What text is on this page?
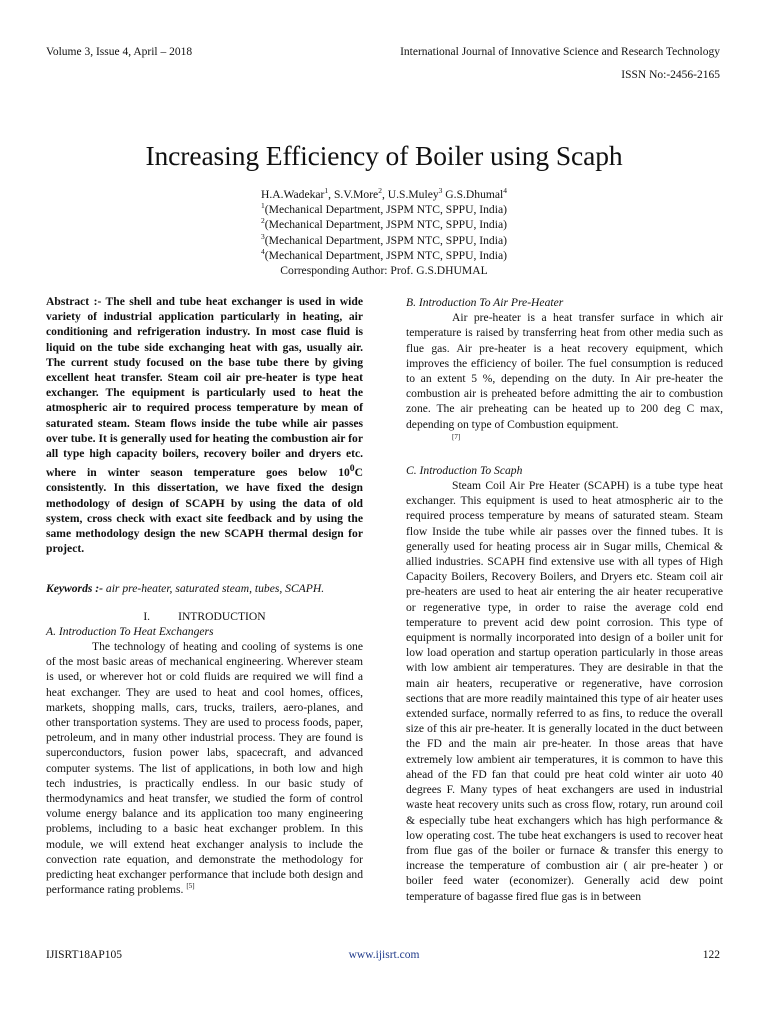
Volume 3, Issue 4, April – 2018	International Journal of Innovative Science and Research Technology
ISSN No:-2456-2165
Increasing Efficiency of Boiler using Scaph
H.A.Wadekar$^1$, S.V.More$^2$, U.S.Muley$^3$ G.S.Dhumal$^4$
$^1$(Mechanical Department, JSPM NTC, SPPU, India)
$^2$(Mechanical Department, JSPM NTC, SPPU, India)
$^3$(Mechanical Department, JSPM NTC, SPPU, India)
$^4$(Mechanical Department, JSPM NTC, SPPU, India)
Corresponding Author: Prof. G.S.DHUMAL

Abstract :- The shell and tube heat exchanger is used in wide variety of industrial application particularly in heating, air conditioning and refrigeration industry. In most case fluid is liquid on the tube side exchanging heat with gas, usually air. The current study focused on the base tube there by giving excellent heat transfer. Steam coil air pre-heater is type heat exchanger. The equipment is particularly used to heat the atmospheric air to required process temperature by mean of saturated steam. Steam flows inside the tube while air passes over tube. It is generally used for heating the combustion air for all type high capacity boilers, recovery boiler and dryers etc. where in winter season temperature goes below $10^0C$ consistently. In this dissertation, we have fixed the design methodology of design of SCAPH by using the data of old system, cross check with exact site feedback and by using the same methodology design the new SCAPH thermal design for project.

Keywords :- air pre-heater, saturated steam, tubes, SCAPH.

I. INTRODUCTION

A. Introduction To Heat Exchangers

The technology of heating and cooling of systems is one of the most basic areas of mechanical engineering. Wherever steam is used, or wherever hot or cold fluids are required we will find a heat exchanger. They are used to heat and cool homes, offices, markets, shopping malls, cars, trucks, trailers, aero-planes, and other transportation systems. They are used to process foods, paper, petroleum, and in many other industrial process. They are found is superconductors, fusion power labs, spacecraft, and advanced computer systems. The list of applications, in both low and high tech industries, is practically endless. In our basic study of thermodynamics and heat transfer, we studied the form of control volume energy balance and its application too many engineering problems, including to a basic heat exchanger problem. In this module, we will extend heat exchanger analysis to include the convection rate equation, and demonstrate the methodology for predicting heat exchanger performance that include both design and performance rating problems. [5]

B. Introduction To Air Pre-Heater

Air pre-heater is a heat transfer surface in which air temperature is raised by transferring heat from other media such as flue gas. Air pre-heater is a heat recovery equipment, which improves the efficiency of boiler. The fuel consumption is reduced to an extent 5 %, depending on the duty. In Air pre-heater the combustion air is preheated before admitting the air to combustion zone. The air preheating can be heated up to 200 deg C max, depending on type of Combustion equipment.
[7]

C. Introduction To Scaph

Steam Coil Air Pre Heater (SCAPH) is a tube type heat exchanger. This equipment is used to heat atmospheric air to the required process temperature by means of saturated steam. Steam flow Inside the tube while air passes over the finned tubes. It is generally used for heating process air in Sugar mills, Chemical & allied industries. SCAPH find extensive use with all types of High Capacity Boilers, Recovery Boilers, and Dryers etc. Steam coil air pre-heaters are used to heat air entering the air heater recuperative or regenerative type, in order to raise the average cold end temperature to prevent acid dew point corrosion. This type of equipment is normally incorporated into design of a boiler unit for low load operation and startup operation particularly in those areas with low ambient air temperatures. They are desirable in that the main air heaters, recuperative or regenerative, have corrosion sections that are more readily maintained this type of air heater uses extended surface, normally referred to as fins, to reduce the overall size of this air pre-heater. It is generally located in the duct between the FD and the main air pre-heater. In those areas that have extremely low ambient air temperatures, it is common to have this ahead of the FD fan that could pre heat cold winter air uoto 40 degrees F. Many types of heat exchangers are used in industrial waste heat recovery units such as cross flow, rotary, run around coil & especially tube heat exchangers which has high performance & low operating cost. The tube heat exchangers is used to recover heat from flue gas of the boiler or furnace & transfer this energy to increase the temperature of combustion air ( air pre-heater ) or boiler feed water (economizer). Generally acid dew point temperature of bagasse fired flue gas is in between

IJISRT18AP105	www.ijisrt.com	122
